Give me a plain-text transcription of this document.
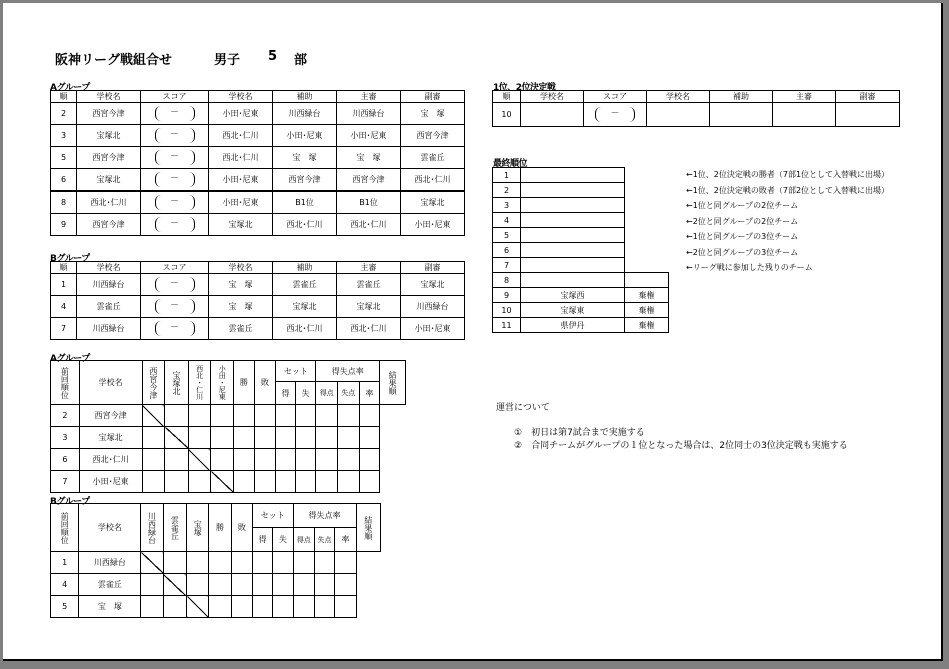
阪神リーグ戦組合せ	男子 5 部
Aグループ
順	学校名	スコア	学校名	補助	主審	副審
2	西宮今津	－	小田･尼東	川西緑台	川西緑台	宝　塚
3	宝塚北	－	西北･仁川	小田･尼東	小田･尼東	西宮今津
5	西宮今津	－	西北･仁川	宝　塚	宝　塚	雲雀丘
6	宝塚北	－	小田･尼東	西宮今津	西宮今津	西北･仁川
8	西北･仁川	－	小田･尼東	B1位	B1位	宝塚北
9	西宮今津	－	宝塚北	西北･仁川	西北･仁川	小田･尼東
Bグループ
順	学校名	スコア	学校名	補助	主審	副審
1	川西緑台	－	宝　塚	雲雀丘	雲雀丘	宝塚北
4	雲雀丘	－	宝　塚	宝塚北	宝塚北	川西緑台
7	川西緑台	－	雲雀丘	西北･仁川	西北･仁川	小田･尼東
1位、2位決定戦
順	学校名	スコア	学校名	補助	主審	副審
10		－				
最終順位
1		
2		
3		
4		
5		
6		
7		
8		
9	宝塚西	棄権
10	宝塚東	棄権
11	県伊丹	棄権
←1位、2位決定戦の勝者（7部1位として入替戦に出場）
←1位、2位決定戦の敗者（7部2位として入替戦に出場）
←1位と同グループの2位チーム
←2位と同グループの2位チーム
←1位と同グループの3位チーム
←2位と同グループの3位チーム
←リーグ戦に参加した残りのチーム
Aグループ
前回順位	学校名	西宮今津	宝塚北	西北・仁川	小田・尼東	勝	敗	セット		得失点率			結果順

								得	失	得点	失点	率	
2	西宮今津												
3	宝塚北												
6	西北･仁川												
7	小田･尼東												
Bグループ
前回順位	学校名	川西緑台	雲雀丘	宝塚	勝	敗	セット		得失点率			結果順

							得	失	得点	失点	率	
1	川西緑台											
4	雲雀丘											
5	宝　塚											
運営について
①　初日は第7試合まで実施する
②　合同チームがグループの１位となった場合は、2位同士の3位決定戦も実施する
